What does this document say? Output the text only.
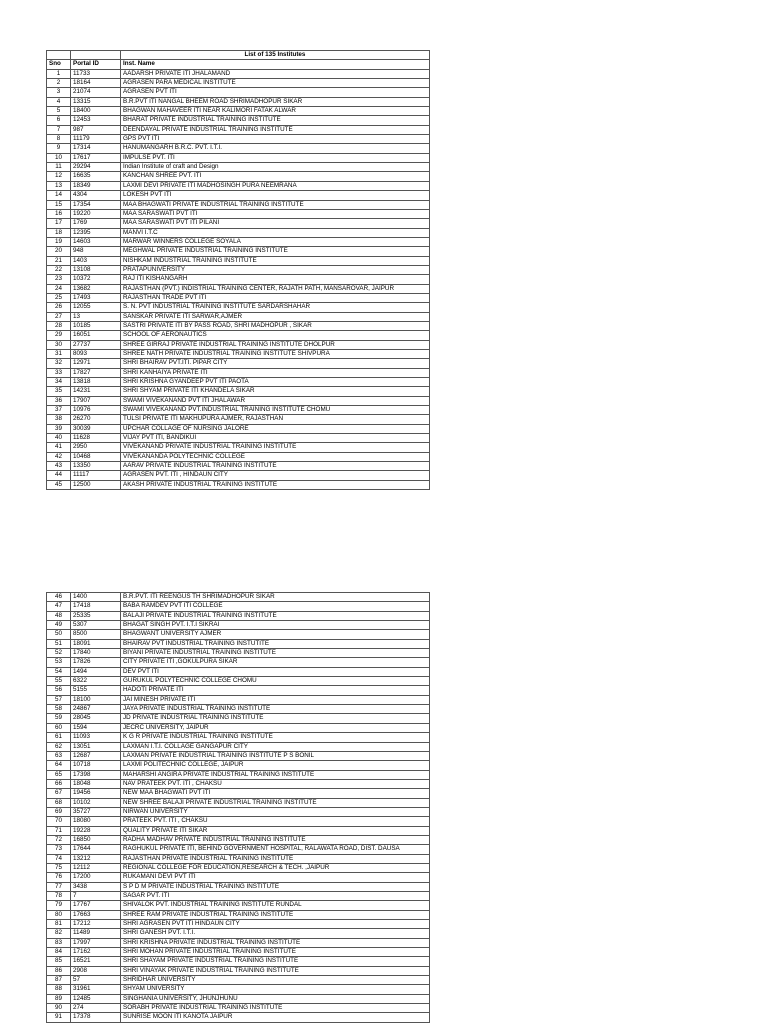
		List of 135 Institutes
Sno	Portal ID	Inst. Name
1	11733	AADARSH PRIVATE ITI JHALAMAND
2	18164	AGRASEN PARA MEDICAL INSTITUTE
3	21074	AGRASEN PVT ITI
4	13315	B.R.PVT ITI NANGAL BHEEM ROAD SHRIMADHOPUR SIKAR
5	18400	BHAGWAN MAHAVEER ITI NEAR KALIMORI FATAK ALWAR
6	12453	BHARAT PRIVATE INDUSTRIAL TRAINING INSTITUTE
7	987	DEENDAYAL PRIVATE INDUSTRIAL TRAINING INSTITUTE
8	11179	GPS PVT ITI
9	17314	HANUMANGARH B.R.C. PVT. I.T.I.
10	17617	IMPULSE PVT. ITI
11	29294	Indian Institute of craft and Design
12	16635	KANCHAN SHREE PVT. ITI
13	18349	LAXMI DEVI PRIVATE ITI MADHOSINGH PURA NEEMRANA
14	4304	LOKESH PVT ITI
15	17354	MAA BHAGWATI PRIVATE INDUSTRIAL TRAINING INSTITUTE
16	19220	MAA SARASWATI PVT ITI
17	1769	MAA SARASWATI PVT ITI PILANI
18	12395	MANVI I.T.C
19	14603	MARWAR WINNERS COLLEGE SOYALA
20	948	MEGHWAL PRIVATE INDUSTRIAL TRAINING INSTITUTE
21	1403	NISHKAM INDUSTRIAL TRAINING INSTITUTE
22	13108	PRATAPUNIVERSITY
23	10372	RAJ ITI KISHANGARH
24	13682	RAJASTHAN (PVT.) INDISTRIAL TRAINING CENTER, RAJATH PATH, MANSAROVAR, JAIPUR
25	17493	RAJASTHAN TRADE PVT ITI
26	12055	S. N. PVT INDUSTRIAL TRAINING INSTITUTE SARDARSHAHAR
27	13	SANSKAR PRIVATE ITI SARWAR,AJMER
28	10185	SASTRI PRIVATE ITI BY PASS ROAD, SHRI MADHOPUR , SIKAR
29	16051	SCHOOL OF AERONAUTICS
30	27737	SHREE GIRRAJ PRIVATE INDUSTRIAL TRAINING INSTITUTE DHOLPUR
31	8093	SHREE NATH PRIVATE INDUSTRIAL TRAINING INSTITUTE SHIVPURA
32	12971	SHRI BHAIRAV PVT.ITI. PIPAR CITY
33	17827	SHRI KANHAIYA PRIVATE ITI
34	13818	SHRI KRISHNA GYANDEEP PVT ITI PAOTA
35	14231	SHRI SHYAM PRIVATE ITI KHANDELA SIKAR
36	17907	SWAMI VIVEKANAND PVT ITI JHALAWAR
37	10976	SWAMI VIVEKANAND PVT.INDUSTRIAL TRAINING INSTITUTE CHOMU
38	26270	TULSI PRIVATE ITI MAKHUPURA AJMER, RAJASTHAN
39	30039	UPCHAR COLLAGE OF NURSING JALORE
40	11628	VIJAY PVT ITI, BANDIKUI
41	2950	VIVEKANAND PRIVATE INDUSTRIAL TRAINING INSTITUTE
42	10468	VIVEKANANDA POLYTECHNIC COLLEGE
43	13350	AARAV PRIVATE INDUSTRIAL TRAINING INSTITUTE
44	11117	AGRASEN PVT. ITI , HINDAUN CITY
45	12500	AKASH PRIVATE INDUSTRIAL TRAINING INSTITUTE
46	1400	B.R.PVT. ITI REENGUS TH SHRIMADHOPUR SIKAR
47	17418	BABA RAMDEV PVT ITI COLLEGE
48	25335	BALAJI PRIVATE INDUSTRIAL TRAINING INSTITUTE
49	5307	BHAGAT SINGH PVT. I.T.I SIKRAI
50	8500	BHAGWANT UNIVERSITY AJMER
51	18091	BHAIRAV PVT INDUSTRIAL TRAINING INSTUTITE
52	17840	BIYANI PRIVATE INDUSTRIAL TRAINING INSTITUTE
53	17826	CITY PRIVATE ITI ,GOKULPURA SIKAR
54	1494	DEV PVT ITI
55	6322	GURUKUL POLYTECHNIC COLLEGE CHOMU
56	5155	HADOTI PRIVATE ITI
57	18100	JAI MINESH PRIVATE ITI
58	24867	JAYA PRIVATE INDUSTRIAL TRAINING INSTITUTE
59	28045	JD PRIVATE INDUSTRIAL TRAINING INSTITUTE
60	1594	JECRC UNIVERSITY, JAIPUR
61	11093	K G R PRIVATE INDUSTRIAL TRAINING INSTITUTE
62	13051	LAXMAN I.T.I. COLLAGE GANGAPUR CITY
63	12687	LAXMAN PRIVATE INDUSTRIAL TRAINING INSTITUTE P S BONIL
64	10718	LAXMI POLITECHNIC COLLEGE, JAIPUR
65	17398	MAHARSHI ANGIRA PRIVATE INDUSTRIAL TRAINING INSTITUTE
66	18048	NAV PRATEEK PVT. ITI , CHAKSU
67	19456	NEW MAA BHAGWATI PVT ITI
68	10102	NEW SHREE BALAJI PRIVATE INDUSTRIAL TRAINING INSTITUTE
69	35727	NIRWAN UNIVERSITY
70	18080	PRATEEK PVT. ITI , CHAKSU
71	19228	QUALITY PRIVATE ITI SIKAR
72	16850	RADHA MADHAV PRIVATE INDUSTRIAL TRAINING INSTITUTE
73	17644	RAGHUKUL PRIVATE ITI, BEHIND GOVERNMENT HOSPITAL, RALAWATA ROAD, DIST. DAUSA
74	13212	RAJASTHAN PRIVATE INDUSTRIAL TRAINING INSTITUTE
75	12112	REGIONAL COLLEGE FOR EDUCATION,RESEARCH & TECH. ,JAIPUR
76	17200	RUKAMANI DEVI PVT ITI
77	3438	S P D M PRIVATE INDUSTRIAL TRAINING INSTITUTE
78	7	SAGAR PVT. ITI
79	17767	SHIVALOK PVT. INDUSTRIAL TRAINING INSTITUTE RUNDAL
80	17663	SHREE RAM PRIVATE INDUSTRIAL TRAINING INSTITUTE
81	17212	SHRI AGRASEN PVT ITI HINDAUN CITY
82	11489	SHRI GANESH PVT. I.T.I.
83	17997	SHRI KRISHNA PRIVATE INDUSTRIAL TRAINING INSTITUTE
84	17162	SHRI MOHAN PRIVATE INDUSTRIAL TRAINING INSTITUTE
85	16521	SHRI SHAYAM PRIVATE INDUSTRIAL TRAINING INSTITUTE
86	2908	SHRI VINAYAK PRIVATE INDUSTRIAL TRAINING INSTITUTE
87	57	SHRIDHAR UNIVERSITY
88	31961	SHYAM UNIVERSITY
89	12485	SINGHANIA UNIVERSITY, JHUNJHUNU
90	274	SORABH PRIVATE INDUSTRIAL TRAINING INSTITUTE
91	17378	SUNRISE MOON ITI KANOTA JAIPUR
